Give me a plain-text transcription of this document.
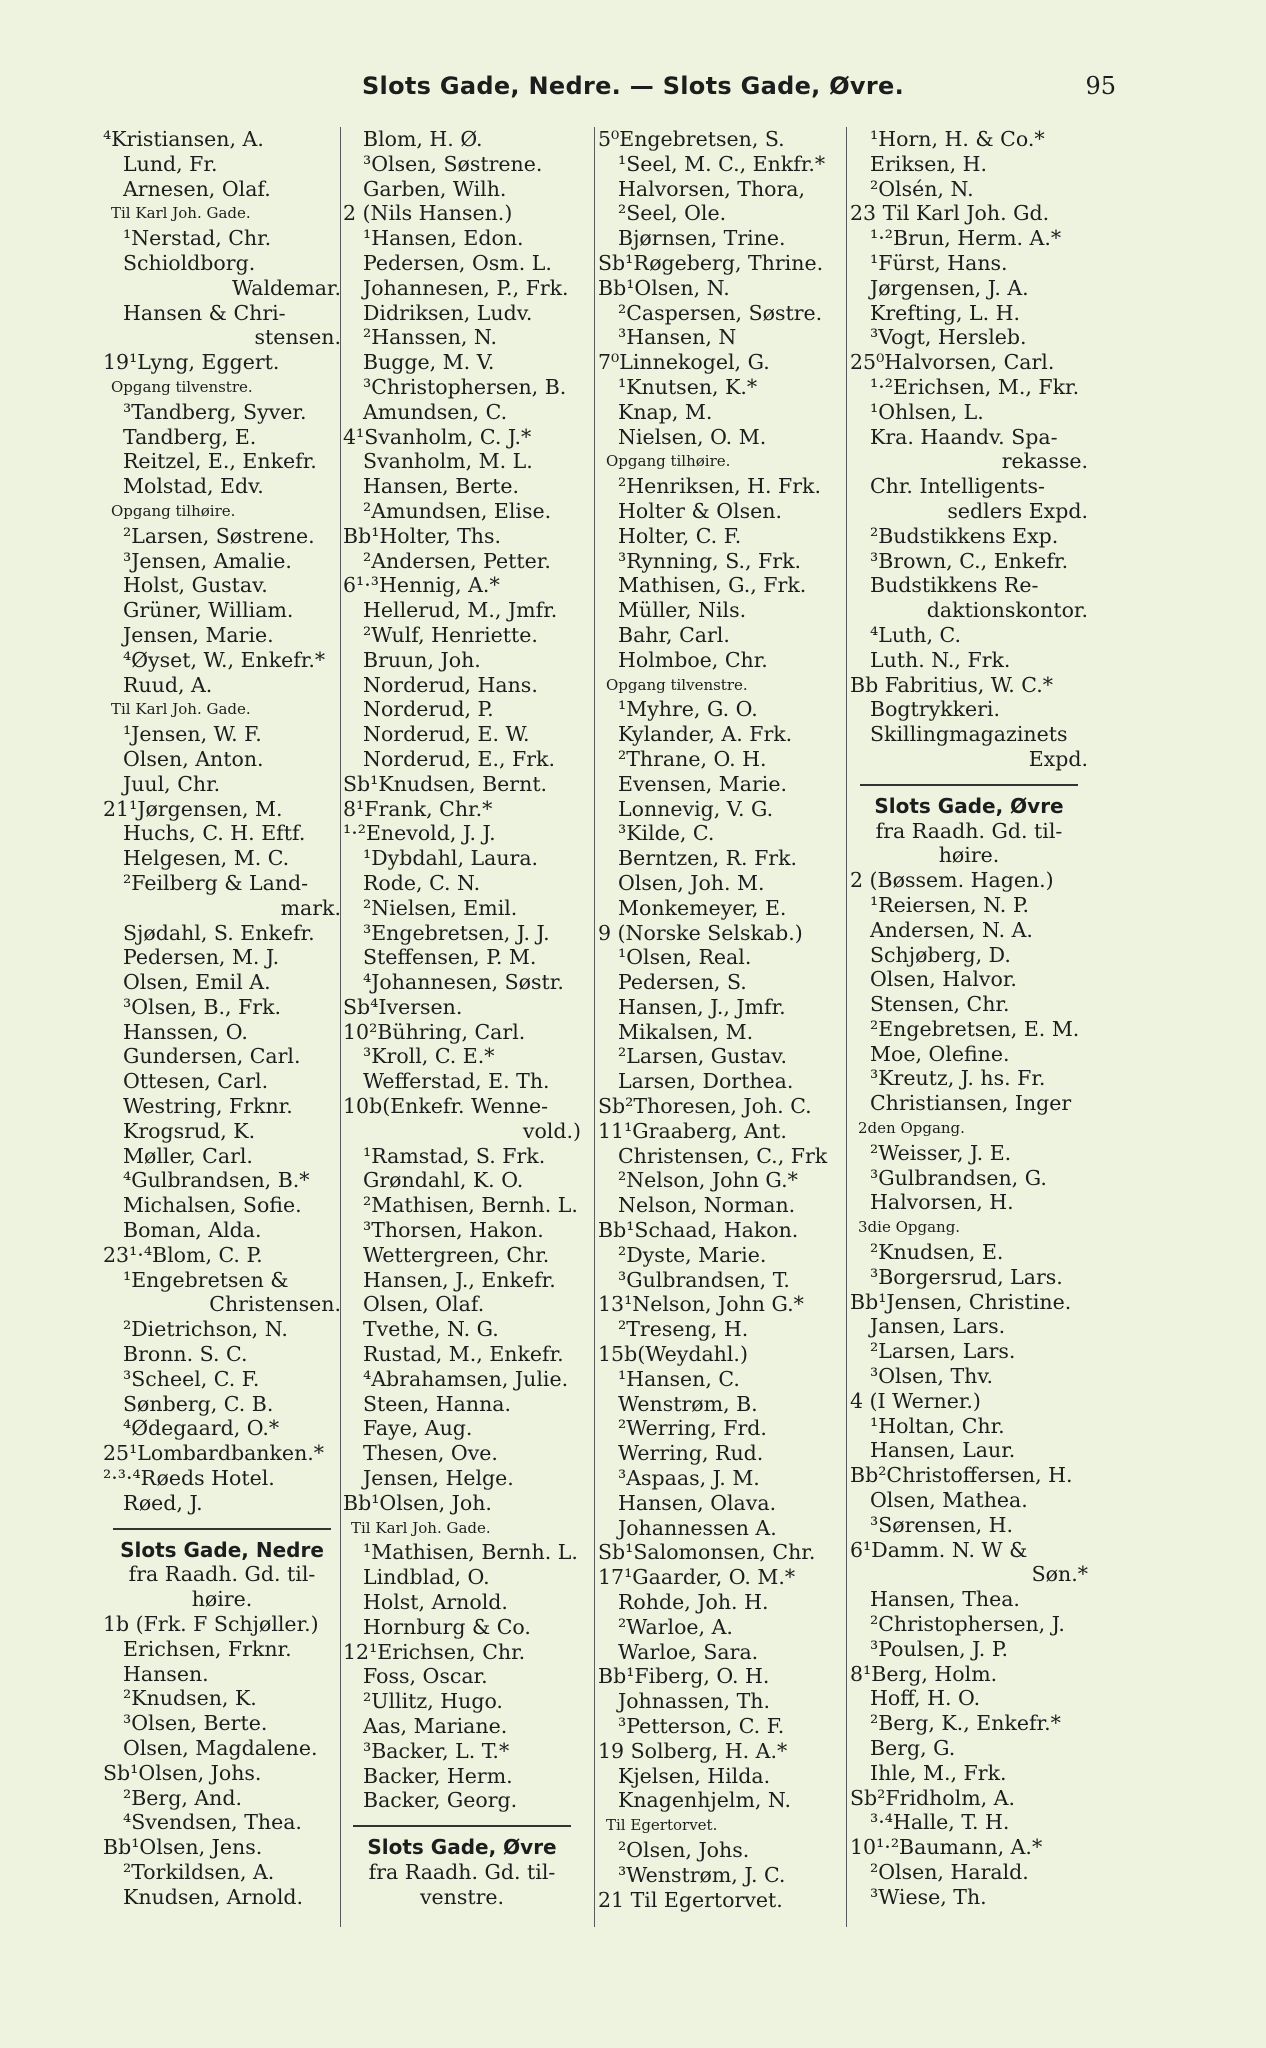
Slots Gade, Nedre. — Slots Gade, Øvre.	95
⁴Kristiansen, A.
Lund, Fr.
Arnesen, Olaf.
Til Karl Joh. Gade.
¹Nerstad, Chr.
Schioldborg.
Waldemar.
Hansen & Chri-
stensen.
19¹Lyng, Eggert.
Opgang tilvenstre.
³Tandberg, Syver.
Tandberg, E.
Reitzel, E., Enkefr.
Molstad, Edv.
Opgang tilhøire.
²Larsen, Søstrene.
³Jensen, Amalie.
Holst, Gustav.
Grüner, William.
Jensen, Marie.
⁴Øyset, W., Enkefr.*
Ruud, A.
Til Karl Joh. Gade.
¹Jensen, W. F.
Olsen, Anton.
Juul, Chr.
21¹Jørgensen, M.
Huchs, C. H. Eftf.
Helgesen, M. C.
²Feilberg & Land-
mark.
Sjødahl, S. Enkefr.
Pedersen, M. J.
Olsen, Emil A.
³Olsen, B., Frk.
Hanssen, O.
Gundersen, Carl.
Ottesen, Carl.
Westring, Frknr.
Krogsrud, K.
Møller, Carl.
⁴Gulbrandsen, B.*
Michalsen, Sofie.
Boman, Alda.
23¹·⁴Blom, C. P.
¹Engebretsen &
Christensen.
²Dietrichson, N.
Bronn. S. C.
³Scheel, C. F.
Sønberg, C. B.
⁴Ødegaard, O.*
25¹Lombardbanken.*
²·³·⁴Røeds Hotel.
Røed, J.
Slots Gade, Nedre
fra Raadh. Gd. til-
høire.
1b (Frk. F Schjøller.)
Erichsen, Frknr.
Hansen.
²Knudsen, K.
³Olsen, Berte.
Olsen, Magdalene.
Sb¹Olsen, Johs.
²Berg, And.
⁴Svendsen, Thea.
Bb¹Olsen, Jens.
²Torkildsen, A.
Knudsen, Arnold.
Blom, H. Ø.
³Olsen, Søstrene.
Garben, Wilh.
2 (Nils Hansen.)
¹Hansen, Edon.
Pedersen, Osm. L.
Johannesen, P., Frk.
Didriksen, Ludv.
²Hanssen, N.
Bugge, M. V.
³Christophersen, B.
Amundsen, C.
4¹Svanholm, C. J.*
Svanholm, M. L.
Hansen, Berte.
²Amundsen, Elise.
Bb¹Holter, Ths.
²Andersen, Petter.
6¹·³Hennig, A.*
Hellerud, M., Jmfr.
²Wulf, Henriette.
Bruun, Joh.
Norderud, Hans.
Norderud, P.
Norderud, E. W.
Norderud, E., Frk.
Sb¹Knudsen, Bernt.
8¹Frank, Chr.*
¹·²Enevold, J. J.
¹Dybdahl, Laura.
Rode, C. N.
²Nielsen, Emil.
³Engebretsen, J. J.
Steffensen, P. M.
⁴Johannesen, Søstr.
Sb⁴Iversen.
10²Bühring, Carl.
³Kroll, C. E.*
Wefferstad, E. Th.
10b(Enkefr. Wenne-
vold.)
¹Ramstad, S. Frk.
Grøndahl, K. O.
²Mathisen, Bernh. L.
³Thorsen, Hakon.
Wettergreen, Chr.
Hansen, J., Enkefr.
Olsen, Olaf.
Tvethe, N. G.
Rustad, M., Enkefr.
⁴Abrahamsen, Julie.
Steen, Hanna.
Faye, Aug.
Thesen, Ove.
Jensen, Helge.
Bb¹Olsen, Joh.
Til Karl Joh. Gade.
¹Mathisen, Bernh. L.
Lindblad, O.
Holst, Arnold.
Hornburg & Co.
12¹Erichsen, Chr.
Foss, Oscar.
²Ullitz, Hugo.
Aas, Mariane.
³Backer, L. T.*
Backer, Herm.
Backer, Georg.
Slots Gade, Øvre
fra Raadh. Gd. til-
venstre.
5⁰Engebretsen, S.
¹Seel, M. C., Enkfr.*
Halvorsen, Thora,
²Seel, Ole.
Bjørnsen, Trine.
Sb¹Røgeberg, Thrine.
Bb¹Olsen, N.
²Caspersen, Søstre.
³Hansen, N
7⁰Linnekogel, G.
¹Knutsen, K.*
Knap, M.
Nielsen, O. M.
Opgang tilhøire.
²Henriksen, H. Frk.
Holter & Olsen.
Holter, C. F.
³Rynning, S., Frk.
Mathisen, G., Frk.
Müller, Nils.
Bahr, Carl.
Holmboe, Chr.
Opgang tilvenstre.
¹Myhre, G. O.
Kylander, A. Frk.
²Thrane, O. H.
Evensen, Marie.
Lonnevig, V. G.
³Kilde, C.
Berntzen, R. Frk.
Olsen, Joh. M.
Monkemeyer, E.
9 (Norske Selskab.)
¹Olsen, Real.
Pedersen, S.
Hansen, J., Jmfr.
Mikalsen, M.
²Larsen, Gustav.
Larsen, Dorthea.
Sb²Thoresen, Joh. C.
11¹Graaberg, Ant.
Christensen, C., Frk
²Nelson, John G.*
Nelson, Norman.
Bb¹Schaad, Hakon.
²Dyste, Marie.
³Gulbrandsen, T.
13¹Nelson, John G.*
²Treseng, H.
15b(Weydahl.)
¹Hansen, C.
Wenstrøm, B.
²Werring, Frd.
Werring, Rud.
³Aspaas, J. M.
Hansen, Olava.
Johannessen A.
Sb¹Salomonsen, Chr.
17¹Gaarder, O. M.*
Rohde, Joh. H.
²Warloe, A.
Warloe, Sara.
Bb¹Fiberg, O. H.
Johnassen, Th.
³Petterson, C. F.
19 Solberg, H. A.*
Kjelsen, Hilda.
Knagenhjelm, N.
Til Egertorvet.
²Olsen, Johs.
³Wenstrøm, J. C.
21 Til Egertorvet.
¹Horn, H. & Co.*
Eriksen, H.
²Olsén, N.
23 Til Karl Joh. Gd.
¹·²Brun, Herm. A.*
¹Fürst, Hans.
Jørgensen, J. A.
Krefting, L. H.
³Vogt, Hersleb.
25⁰Halvorsen, Carl.
¹·²Erichsen, M., Fkr.
¹Ohlsen, L.
Kra. Haandv. Spa-
rekasse.
Chr. Intelligents-
sedlers Expd.
²Budstikkens Exp.
³Brown, C., Enkefr.
Budstikkens Re-
daktionskontor.
⁴Luth, C.
Luth. N., Frk.
Bb Fabritius, W. C.*
Bogtrykkeri.
Skillingmagazinets
Expd.
Slots Gade, Øvre
fra Raadh. Gd. til-
høire.
2 (Bøssem. Hagen.)
¹Reiersen, N. P.
Andersen, N. A.
Schjøberg, D.
Olsen, Halvor.
Stensen, Chr.
²Engebretsen, E. M.
Moe, Olefine.
³Kreutz, J. hs. Fr.
Christiansen, Inger
2den Opgang.
²Weisser, J. E.
³Gulbrandsen, G.
Halvorsen, H.
3die Opgang.
²Knudsen, E.
³Borgersrud, Lars.
Bb¹Jensen, Christine.
Jansen, Lars.
²Larsen, Lars.
³Olsen, Thv.
4 (I Werner.)
¹Holtan, Chr.
Hansen, Laur.
Bb²Christoffersen, H.
Olsen, Mathea.
³Sørensen, H.
6¹Damm. N. W &
Søn.*
Hansen, Thea.
²Christophersen, J.
³Poulsen, J. P.
8¹Berg, Holm.
Hoff, H. O.
²Berg, K., Enkefr.*
Berg, G.
Ihle, M., Frk.
Sb²Fridholm, A.
³·⁴Halle, T. H.
10¹·²Baumann, A.*
²Olsen, Harald.
³Wiese, Th.
